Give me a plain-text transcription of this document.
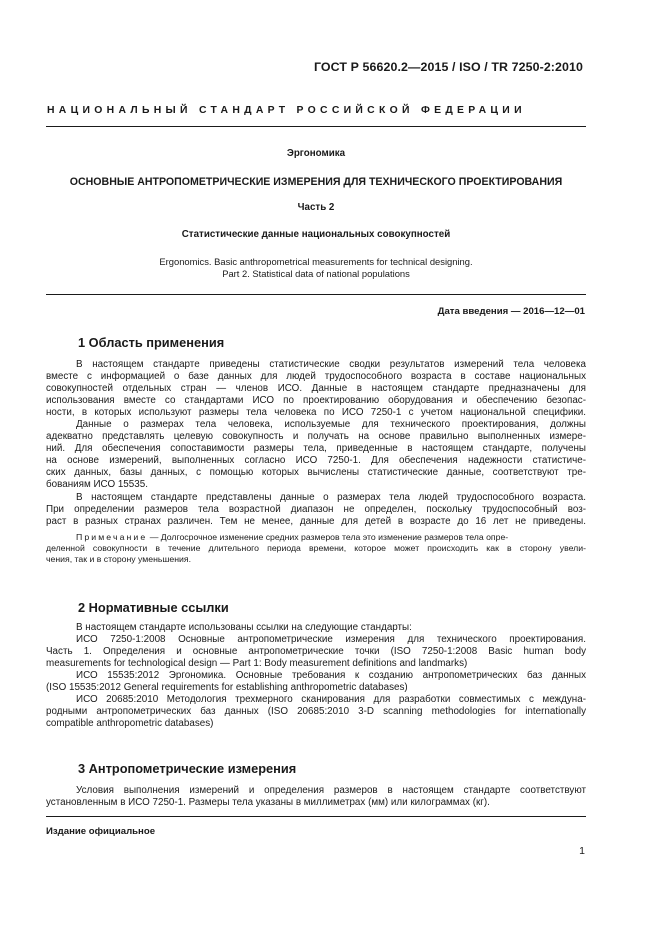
ГОСТ Р 56620.2—2015 / ISO / TR 7250-2:2010
НАЦИОНАЛЬНЫЙ СТАНДАРТ РОССИЙСКОЙ ФЕДЕРАЦИИ
Эргономика
ОСНОВНЫЕ АНТРОПОМЕТРИЧЕСКИЕ ИЗМЕРЕНИЯ ДЛЯ ТЕХНИЧЕСКОГО ПРОЕКТИРОВАНИЯ
Часть 2
Статистические данные национальных совокупностей
Ergonomics. Basic anthropometrical measurements for technical designing.
Part 2. Statistical data of national populations
Дата введения — 2016—12—01
1 Область применения
В настоящем стандарте приведены статистические сводки результатов измерений тела человека
вместе с информацией о базе данных для людей трудоспособного возраста в составе национальных
совокупностей отдельных стран — членов ИСО. Данные в настоящем стандарте предназначены для
использования вместе со стандартами ИСО по проектированию оборудования и обеспечению безопас-
ности, в которых используют размеры тела человека по ИСО 7250-1 с учетом национальной специфики.
Данные о размерах тела человека, используемые для технического проектирования, должны
адекватно представлять целевую совокупность и получать на основе правильно выполненных измере-
ний. Для обеспечения сопоставимости размеры тела, приведенные в настоящем стандарте, получены
на основе измерений, выполненных согласно ИСО 7250-1. Для обеспечения надежности статистиче-
ских данных, базы данных, с помощью которых вычислены статистические данные, соответствуют тре-
бованиям ИСО 15535.
В настоящем стандарте представлены данные о размерах тела людей трудоспособного возраста.
При определении размеров тела возрастной диапазон не определен, поскольку трудоспособный воз-
раст в разных странах различен. Тем не менее, данные для детей в возрасте до 16 лет не приведены.
Примечание — Долгосрочное изменение средних размеров тела это изменение размеров тела опре-
деленной совокупности в течение длительного периода времени, которое может происходить как в сторону увели-
чения, так и в сторону уменьшения.
2 Нормативные ссылки
В настоящем стандарте использованы ссылки на следующие стандарты:
ИСО 7250-1:2008 Основные антропометрические измерения для технического проектирования.
Часть 1. Определения и основные антропометрические точки (ISO 7250-1:2008 Basic human body
measurements for technological design — Part 1: Body measurement definitions and landmarks)
ИСО 15535:2012 Эргономика. Основные требования к созданию антропометрических баз данных
(ISO 15535:2012 General requirements for establishing anthropometric databases)
ИСО 20685:2010 Методология трехмерного сканирования для разработки совместимых с междуна-
родными антропометрических баз данных (ISO 20685:2010 3-D scanning methodologies for internationally
compatible anthropometric databases)
3 Антропометрические измерения
Условия выполнения измерений и определения размеров в настоящем стандарте соответствуют
установленным в ИСО 7250-1. Размеры тела указаны в миллиметрах (мм) или килограммах (кг).
Издание официальное
1
